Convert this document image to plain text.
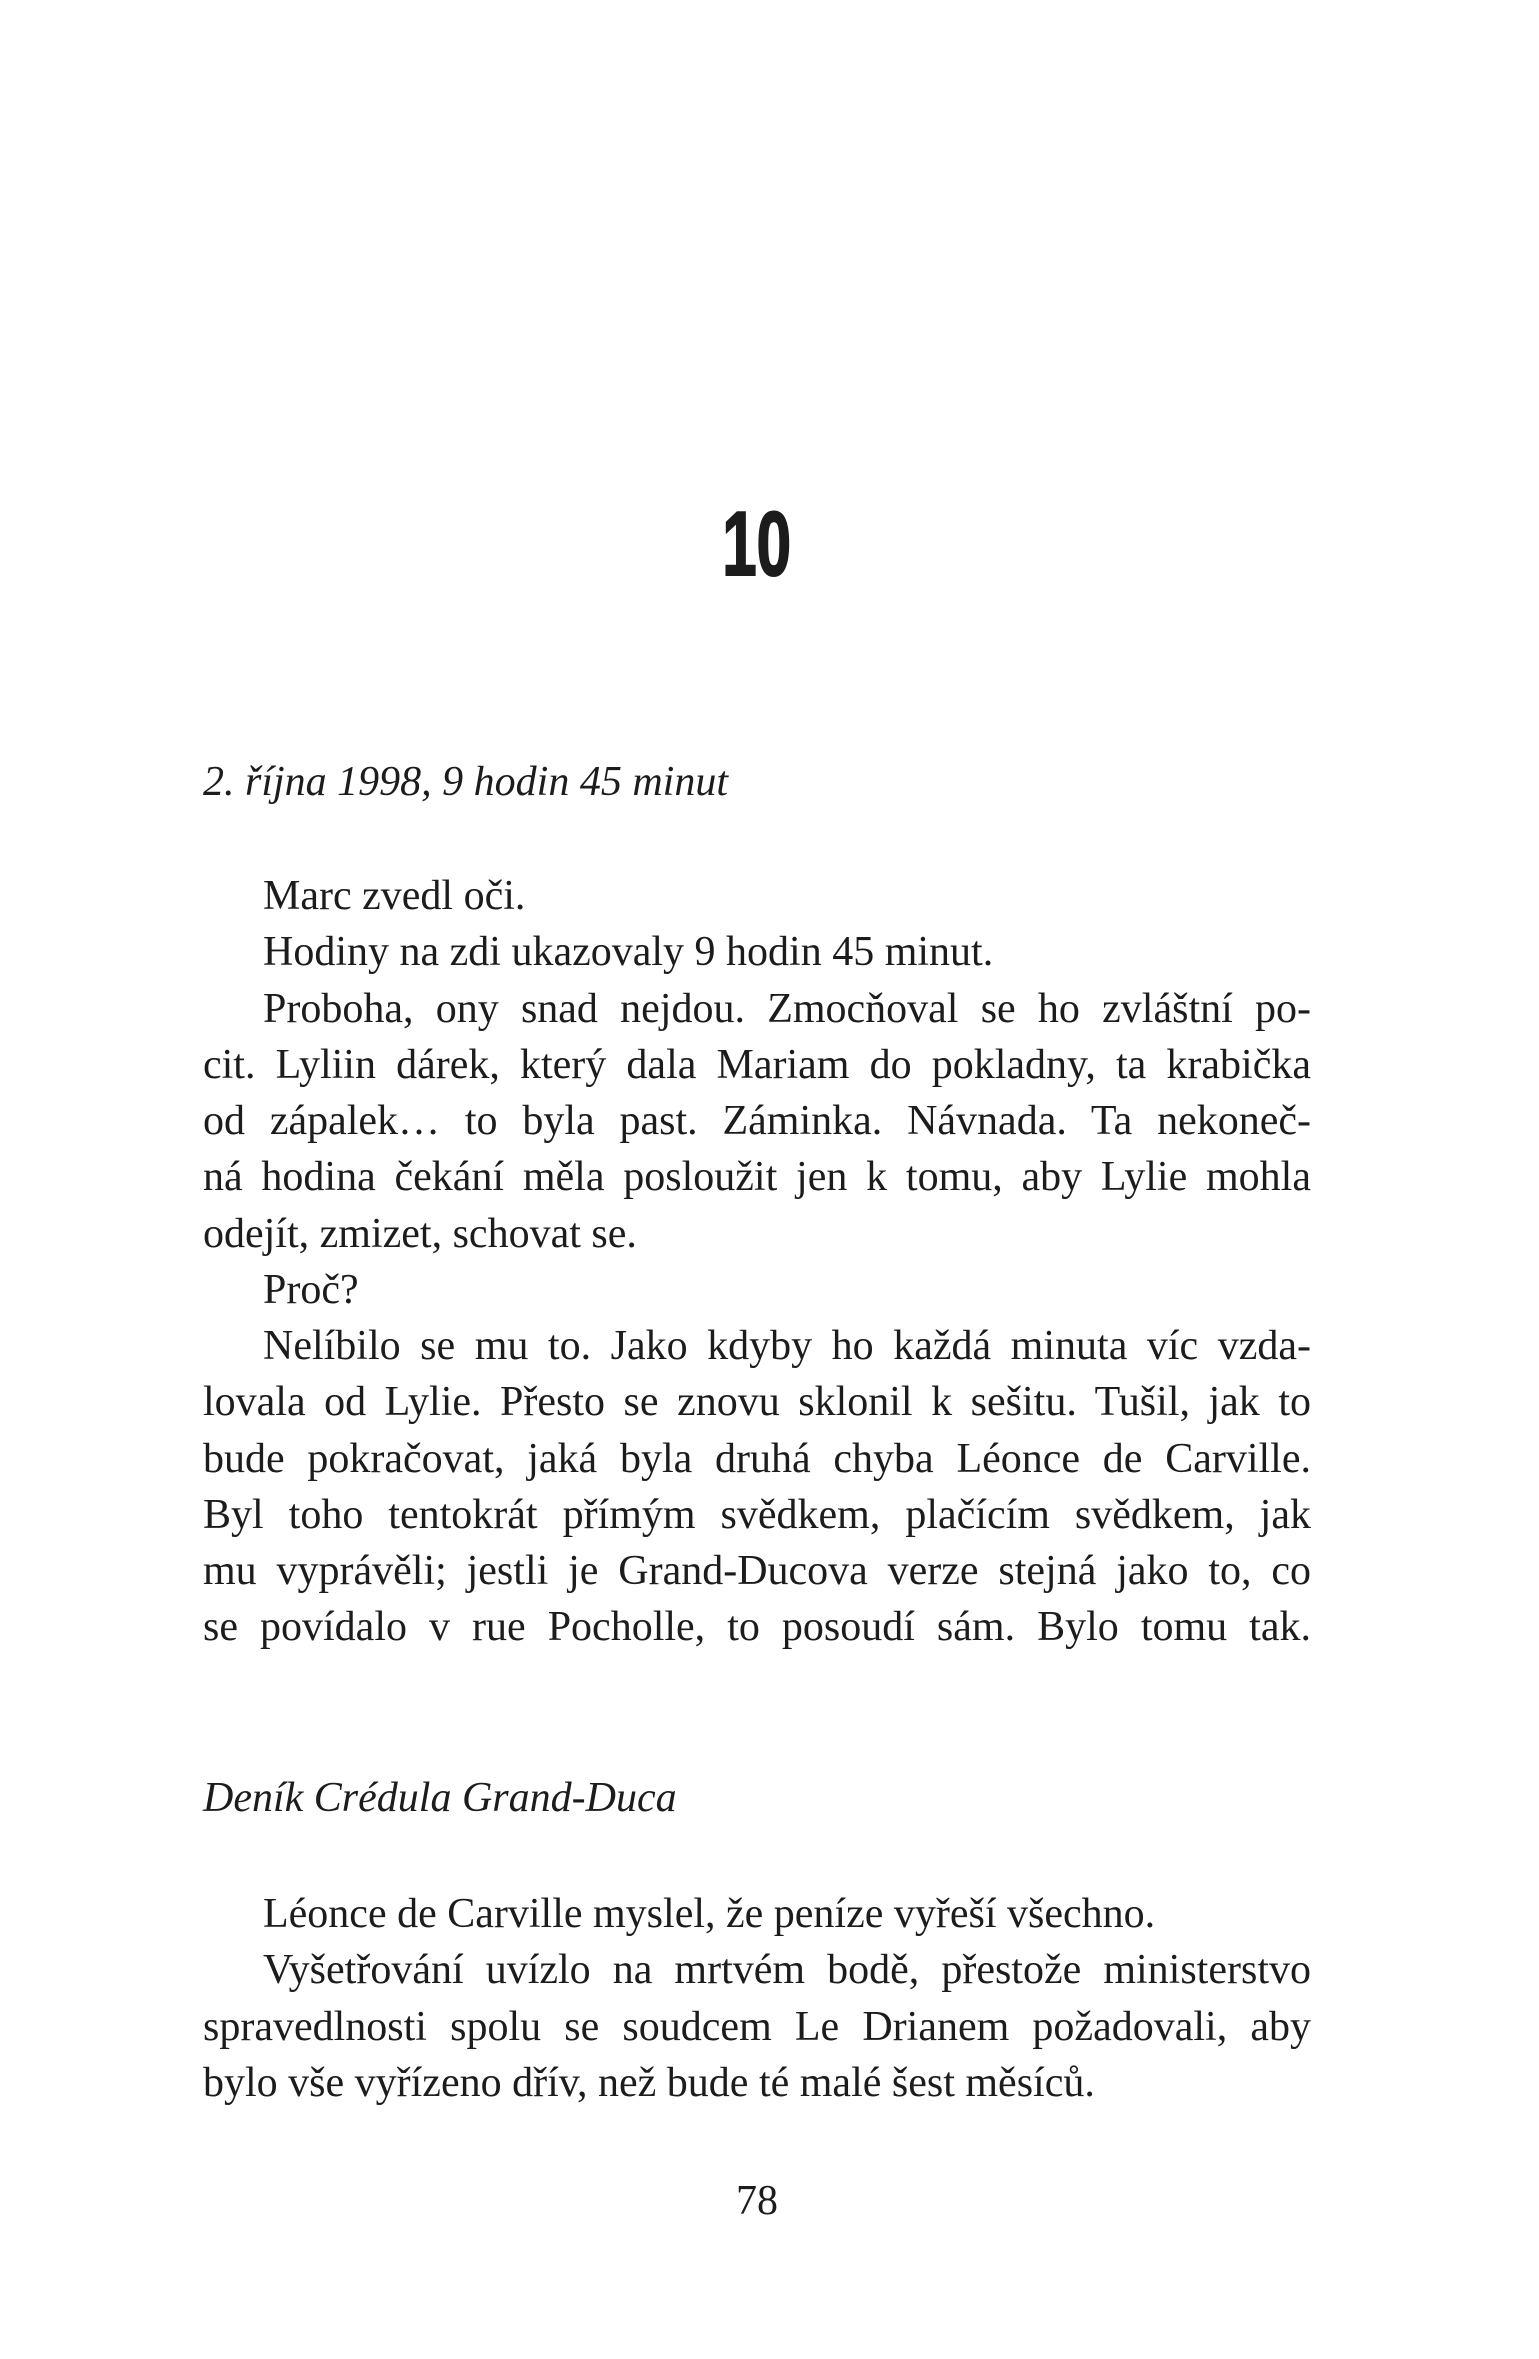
10
2. října 1998, 9 hodin 45 minut
Marc zvedl oči.
Hodiny na zdi ukazovaly 9 hodin 45 minut.
Proboha, ony snad nejdou. Zmocňoval se ho zvláštní po-
cit. Lyliin dárek, který dala Mariam do pokladny, ta krabička
od zápalek… to byla past. Záminka. Návnada. Ta nekoneč-
ná hodina čekání měla posloužit jen k tomu, aby Lylie mohla
odejít, zmizet, schovat se.
Proč?
Nelíbilo se mu to. Jako kdyby ho každá minuta víc vzda-
lovala od Lylie. Přesto se znovu sklonil k sešitu. Tušil, jak to
bude pokračovat, jaká byla druhá chyba Léonce de Carville.
Byl toho tentokrát přímým svědkem, plačícím svědkem, jak
mu vyprávěli; jestli je Grand-Ducova verze stejná jako to, co
se povídalo v rue Pocholle, to posoudí sám. Bylo tomu tak.
Deník Crédula Grand-Duca
Léonce de Carville myslel, že peníze vyřeší všechno.
Vyšetřování uvízlo na mrtvém bodě, přestože ministerstvo
spravedlnosti spolu se soudcem Le Drianem požadovali, aby
bylo vše vyřízeno dřív, než bude té malé šest měsíců.
78
